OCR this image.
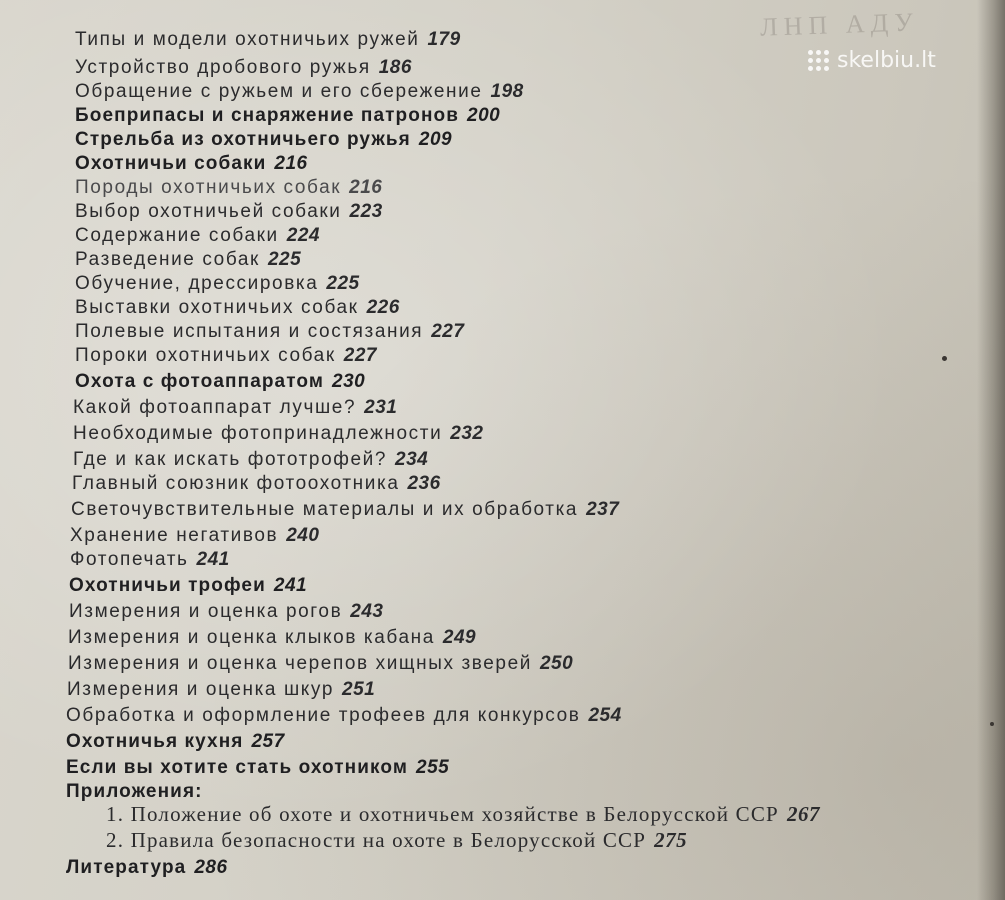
ЛНП АДУ
skelbiu.lt
Типы и модели охотничьих ружей 179
Устройство дробового ружья 186
Обращение с ружьем и его сбережение 198
Боеприпасы и снаряжение патронов 200
Стрельба из охотничьего ружья 209
Охотничьи собаки 216
Породы охотничьих собак 216
Выбор охотничьей собаки 223
Содержание собаки 224
Разведение собак 225
Обучение, дрессировка 225
Выставки охотничьих собак 226
Полевые испытания и состязания 227
Пороки охотничьих собак 227
Охота с фотоаппаратом 230
Какой фотоаппарат лучше? 231
Необходимые фотопринадлежности 232
Где и как искать фототрофей? 234
Главный союзник фотоохотника 236
Светочувствительные материалы и их обработка 237
Хранение негативов 240
Фотопечать 241
Охотничьи трофеи 241
Измерения и оценка рогов 243
Измерения и оценка клыков кабана 249
Измерения и оценка черепов хищных зверей 250
Измерения и оценка шкур 251
Обработка и оформление трофеев для конкурсов 254
Охотничья кухня 257
Если вы хотите стать охотником 255
Приложения:
1. Положение об охоте и охотничьем хозяйстве в Белорусской ССР 267
2. Правила безопасности на охоте в Белорусской ССР 275
Литература 286
